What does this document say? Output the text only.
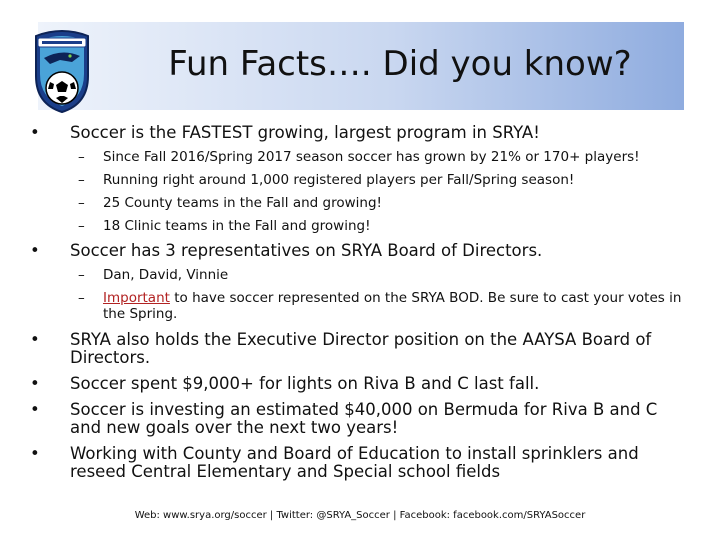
Fun Facts…. Did you know?
• Soccer is the FASTEST growing, largest program in SRYA!
– Since Fall 2016/Spring 2017 season soccer has grown by 21% or 170+ players!
– Running right around 1,000 registered players per Fall/Spring season!
– 25 County teams in the Fall and growing!
– 18 Clinic teams in the Fall and growing!
• Soccer has 3 representatives on SRYA Board of Directors.
– Dan, David, Vinnie
– Important to have soccer represented on the SRYA BOD. Be sure to cast your votes in the Spring.
• SRYA also holds the Executive Director position on the AAYSA Board of Directors.
• Soccer spent $9,000+ for lights on Riva B and C last fall.
• Soccer is investing an estimated $40,000 on Bermuda for Riva B and C and new goals over the next two years!
• Working with County and Board of Education to install sprinklers and reseed Central Elementary and Special school fields
Web: www.srya.org/soccer | Twitter: @SRYA_Soccer | Facebook: facebook.com/SRYASoccer
